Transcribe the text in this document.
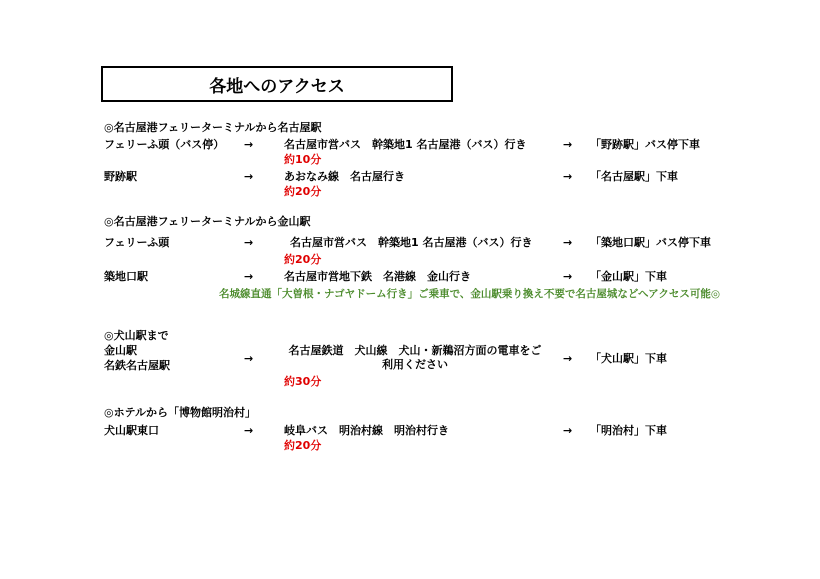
各地へのアクセス
◎名古屋港フェリーターミナルから名古屋駅
フェリーふ頭（バス停） →	名古屋市営バス　幹築地1 名古屋港（バス）行き	→ 「野跡駅」バス停下車
約10分
野跡駅	→	あおなみ線　名古屋行き	→ 「名古屋駅」下車
約20分
◎名古屋港フェリーターミナルから金山駅
フェリーふ頭	→	名古屋市営バス　幹築地1 名古屋港（バス）行き	→ 「築地口駅」バス停下車
約20分
築地口駅	→	名古屋市営地下鉄　名港線　金山行き	→ 「金山駅」下車
名城線直通「大曽根・ナゴヤドーム行き」ご乗車で、金山駅乗り換え不要で名古屋城などへアクセス可能◎
◎犬山駅まで
金山駅
名鉄名古屋駅
→
名古屋鉄道　犬山線　犬山・新鵜沼方面の電車をご
利用ください	→ 「犬山駅」下車
約30分
◎ホテルから「博物館明治村」
犬山駅東口	→	岐阜バス　明治村線　明治村行き	→ 「明治村」下車
約20分
